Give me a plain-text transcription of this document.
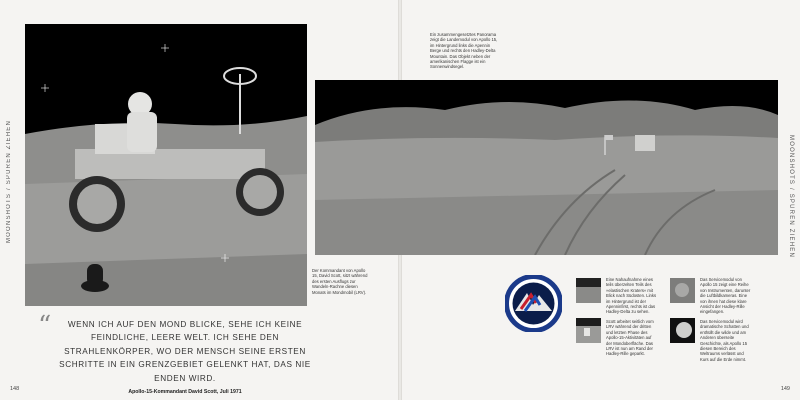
MOONSHOTS / SPUREN ZIEHEN
Der Kommandant von Apollo 15, David Scott, sitzt während des ersten Ausflugs zur Wandeln-Rachne diesen Monats im Mondmobil (LRV).
“	WENN ICH AUF DEN MOND BLICKE, SEHE ICH KEINE FEINDLICHE, LEERE WELT. ICH SEHE DEN STRAHLENKÖRPER, WO DER MENSCH SEINE ERSTEN SCHRITTE IN EIN GRENZGEBIET GELENKT HAT, DAS NIE ENDEN WIRD.
Apollo-15-Kommandant David Scott, Juli 1971
148
MOONSHOTS / SPUREN ZIEHEN
149
Ein zusammengesetztes Panorama zeigt die Landemodul von Apollo 15, im Hintergrund links die Apennin Berge und rechts den Hadley-Delta Mountain. Das Objekt neben der amerikanischen Flagge ist ein Sonnenwindsegel.
Eine Nahaufnahme eines teils überzelten Teils des »elastischen Kraters« mit Blick nach Südosten. Links im Hintergrund ist der Apenninfirst, rechts ist das Hadley-Delta zu sehen.
Scott arbeitet seitlich vom LRV während der dritten und letzten Phase des Apollo-15-Aktivitäten auf der Mondoberfläche. Das LRV ist nun am Rand der Hadley-Rille geparkt.
Das Servicemodul von Apollo 15 zeigt eine Reihe von Instrumenten, darunter die Luftbildkameras. Eine von ihnen hat diese klare Ansicht der Hadley-Rille eingefangen.
Das Servicemodul wird dramatische Schatten und enthüllt die wilde und am Anderen überseite Geschichte, als Apollo 15 diesen Bereich des Weltraums verlässt und Kurs auf die Erde nimmt.
